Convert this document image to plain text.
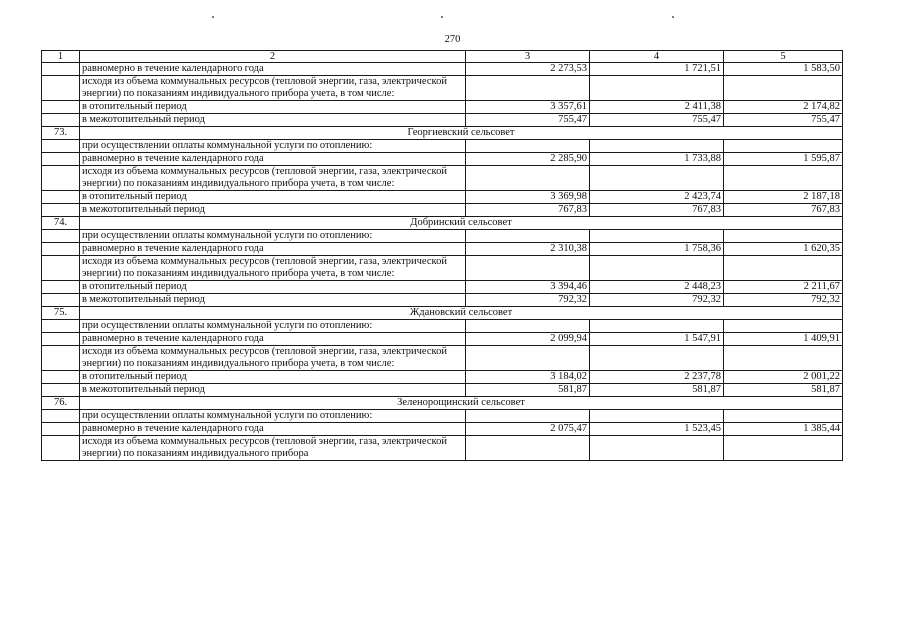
270
1	2	3	4	5
	равномерно в течение календарного года	2 273,53	1 721,51	1 583,50
	исходя из объема коммунальных ресурсов (тепловой энергии, газа, электрической энергии) по показаниям индивидуального прибора учета, в том числе:			
	в отопительный период	3 357,61	2 411,38	2 174,82
	в межотопительный период	755,47	755,47	755,47
73.	Георгиевский сельсовет			
	при осуществлении оплаты коммунальной услуги по отоплению:			
	равномерно в течение календарного года	2 285,90	1 733,88	1 595,87
	исходя из объема коммунальных ресурсов (тепловой энергии, газа, электрической энергии) по показаниям индивидуального прибора учета, в том числе:			
	в отопительный период	3 369,98	2 423,74	2 187,18
	в межотопительный период	767,83	767,83	767,83
74.	Добринский сельсовет			
	при осуществлении оплаты коммунальной услуги по отоплению:			
	равномерно в течение календарного года	2 310,38	1 758,36	1 620,35
	исходя из объема коммунальных ресурсов (тепловой энергии, газа, электрической энергии) по показаниям индивидуального прибора учета, в том числе:			
	в отопительный период	3 394,46	2 448,23	2 211,67
	в межотопительный период	792,32	792,32	792,32
75.	Ждановский сельсовет			
	при осуществлении оплаты коммунальной услуги по отоплению:			
	равномерно в течение календарного года	2 099,94	1 547,91	1 409,91
	исходя из объема коммунальных ресурсов (тепловой энергии, газа, электрической энергии) по показаниям индивидуального прибора учета, в том числе:			
	в отопительный период	3 184,02	2 237,78	2 001,22
	в межотопительный период	581,87	581,87	581,87
76.	Зеленорощинский сельсовет			
	при осуществлении оплаты коммунальной услуги по отоплению:			
	равномерно в течение календарного года	2 075,47	1 523,45	1 385,44
	исходя из объема коммунальных ресурсов (тепловой энергии, газа, электрической энергии) по показаниям индивидуального прибора			
